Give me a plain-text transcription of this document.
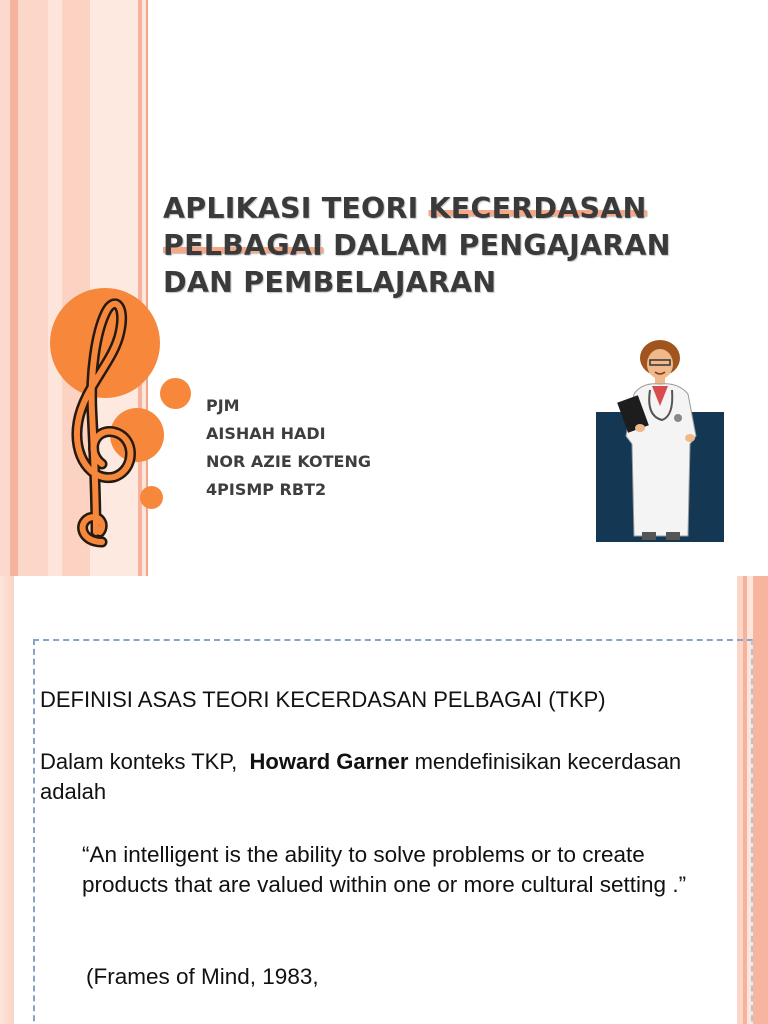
APLIKASI TEORI KECERDASAN
PELBAGAI DALAM PENGAJARAN DAN PEMBELAJARAN
PJM
AISHAH HADI
NOR AZIE KOTENG
4PISMP RBT2
DEFINISI ASAS TEORI KECERDASAN PELBAGAI (TKP)
Dalam konteks TKP,  Howard Garner mendefinisikan kecerdasan adalah
“An intelligent is the ability to solve problems or to create products that are valued within one or more cultural setting .”
(Frames of Mind, 1983,
